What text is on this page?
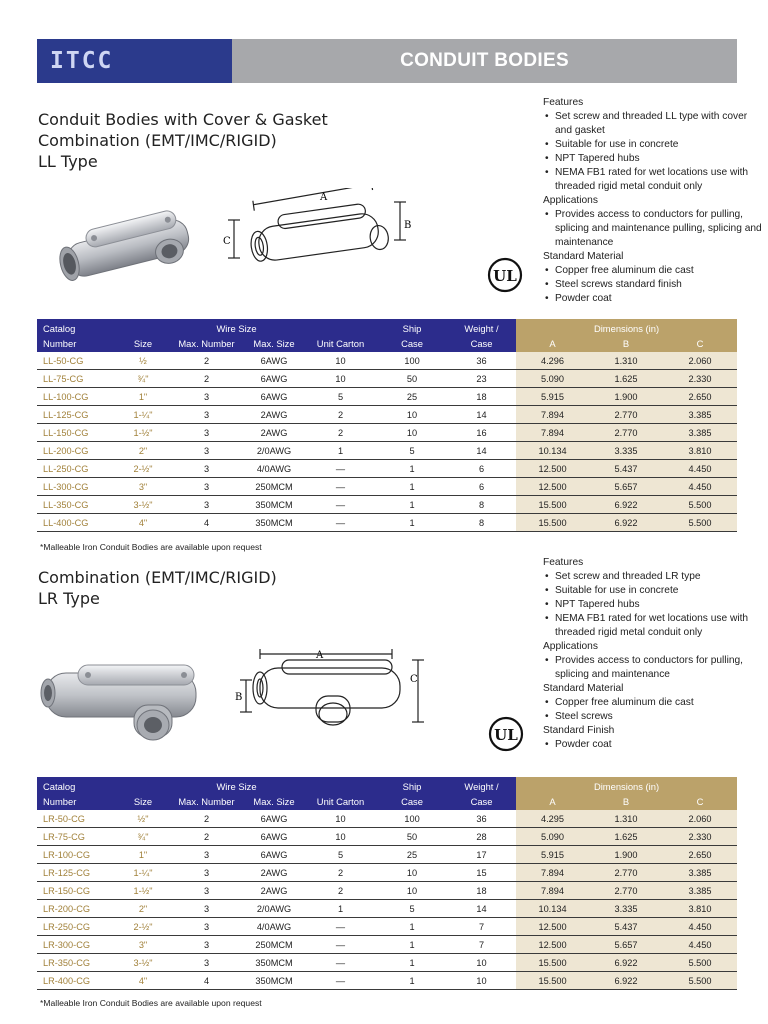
ITCC	CONDUIT BODIES
Conduit Bodies with Cover & Gasket
Combination (EMT/IMC/RIGID)
LL Type
Features
• Set screw and threaded LL type with cover and gasket
• Suitable for use in concrete
• NPT Tapered hubs
• NEMA FB1 rated for wet locations use with threaded rigid metal conduit only
Applications
• Provides access to conductors for pulling, splicing and maintenance pulling, splicing and maintenance
Standard Material
• Copper free aluminum die cast
• Steel screws standard finish
• Powder coat
A
B
C
UL
Catalog		Wire Size			Ship	Weight /	Dimensions (in)		
Number	Size	Max. Number	Max. Size	Unit Carton	Case	Case	A	B	C
LL-50-CG	½	2	6AWG	10	100	36	4.296	1.310	2.060
LL-75-CG	¾"	2	6AWG	10	50	23	5.090	1.625	2.330
LL-100-CG	1"	3	6AWG	5	25	18	5.915	1.900	2.650
LL-125-CG	1-¼"	3	2AWG	2	10	14	7.894	2.770	3.385
LL-150-CG	1-½"	3	2AWG	2	10	16	7.894	2.770	3.385
LL-200-CG	2"	3	2/0AWG	1	5	14	10.134	3.335	3.810
LL-250-CG	2-½"	3	4/0AWG	—	1	6	12.500	5.437	4.450
LL-300-CG	3"	3	250MCM	—	1	6	12.500	5.657	4.450
LL-350-CG	3-½"	3	350MCM	—	1	8	15.500	6.922	5.500
LL-400-CG	4"	4	350MCM	—	1	8	15.500	6.922	5.500
*Malleable Iron Conduit Bodies are available upon request
Combination (EMT/IMC/RIGID)
LR Type
Features
• Set screw and threaded LR type
• Suitable for use in concrete
• NPT Tapered hubs
• NEMA FB1 rated for wet locations use with threaded rigid metal conduit only
Applications
• Provides access to conductors for pulling, splicing and maintenance
Standard Material
• Copper free aluminum die cast
• Steel screws
Standard Finish
• Powder coat
A
B
C
UL
Catalog		Wire Size			Ship	Weight /	Dimensions (in)		
Number	Size	Max. Number	Max. Size	Unit Carton	Case	Case	A	B	C
LR-50-CG	½"	2	6AWG	10	100	36	4.295	1.310	2.060
LR-75-CG	¾"	2	6AWG	10	50	28	5.090	1.625	2.330
LR-100-CG	1"	3	6AWG	5	25	17	5.915	1.900	2.650
LR-125-CG	1-¼"	3	2AWG	2	10	15	7.894	2.770	3.385
LR-150-CG	1-½"	3	2AWG	2	10	18	7.894	2.770	3.385
LR-200-CG	2"	3	2/0AWG	1	5	14	10.134	3.335	3.810
LR-250-CG	2-½"	3	4/0AWG	—	1	7	12.500	5.437	4.450
LR-300-CG	3"	3	250MCM	—	1	7	12.500	5.657	4.450
LR-350-CG	3-½"	3	350MCM	—	1	10	15.500	6.922	5.500
LR-400-CG	4"	4	350MCM	—	1	10	15.500	6.922	5.500
*Malleable Iron Conduit Bodies are available upon request
